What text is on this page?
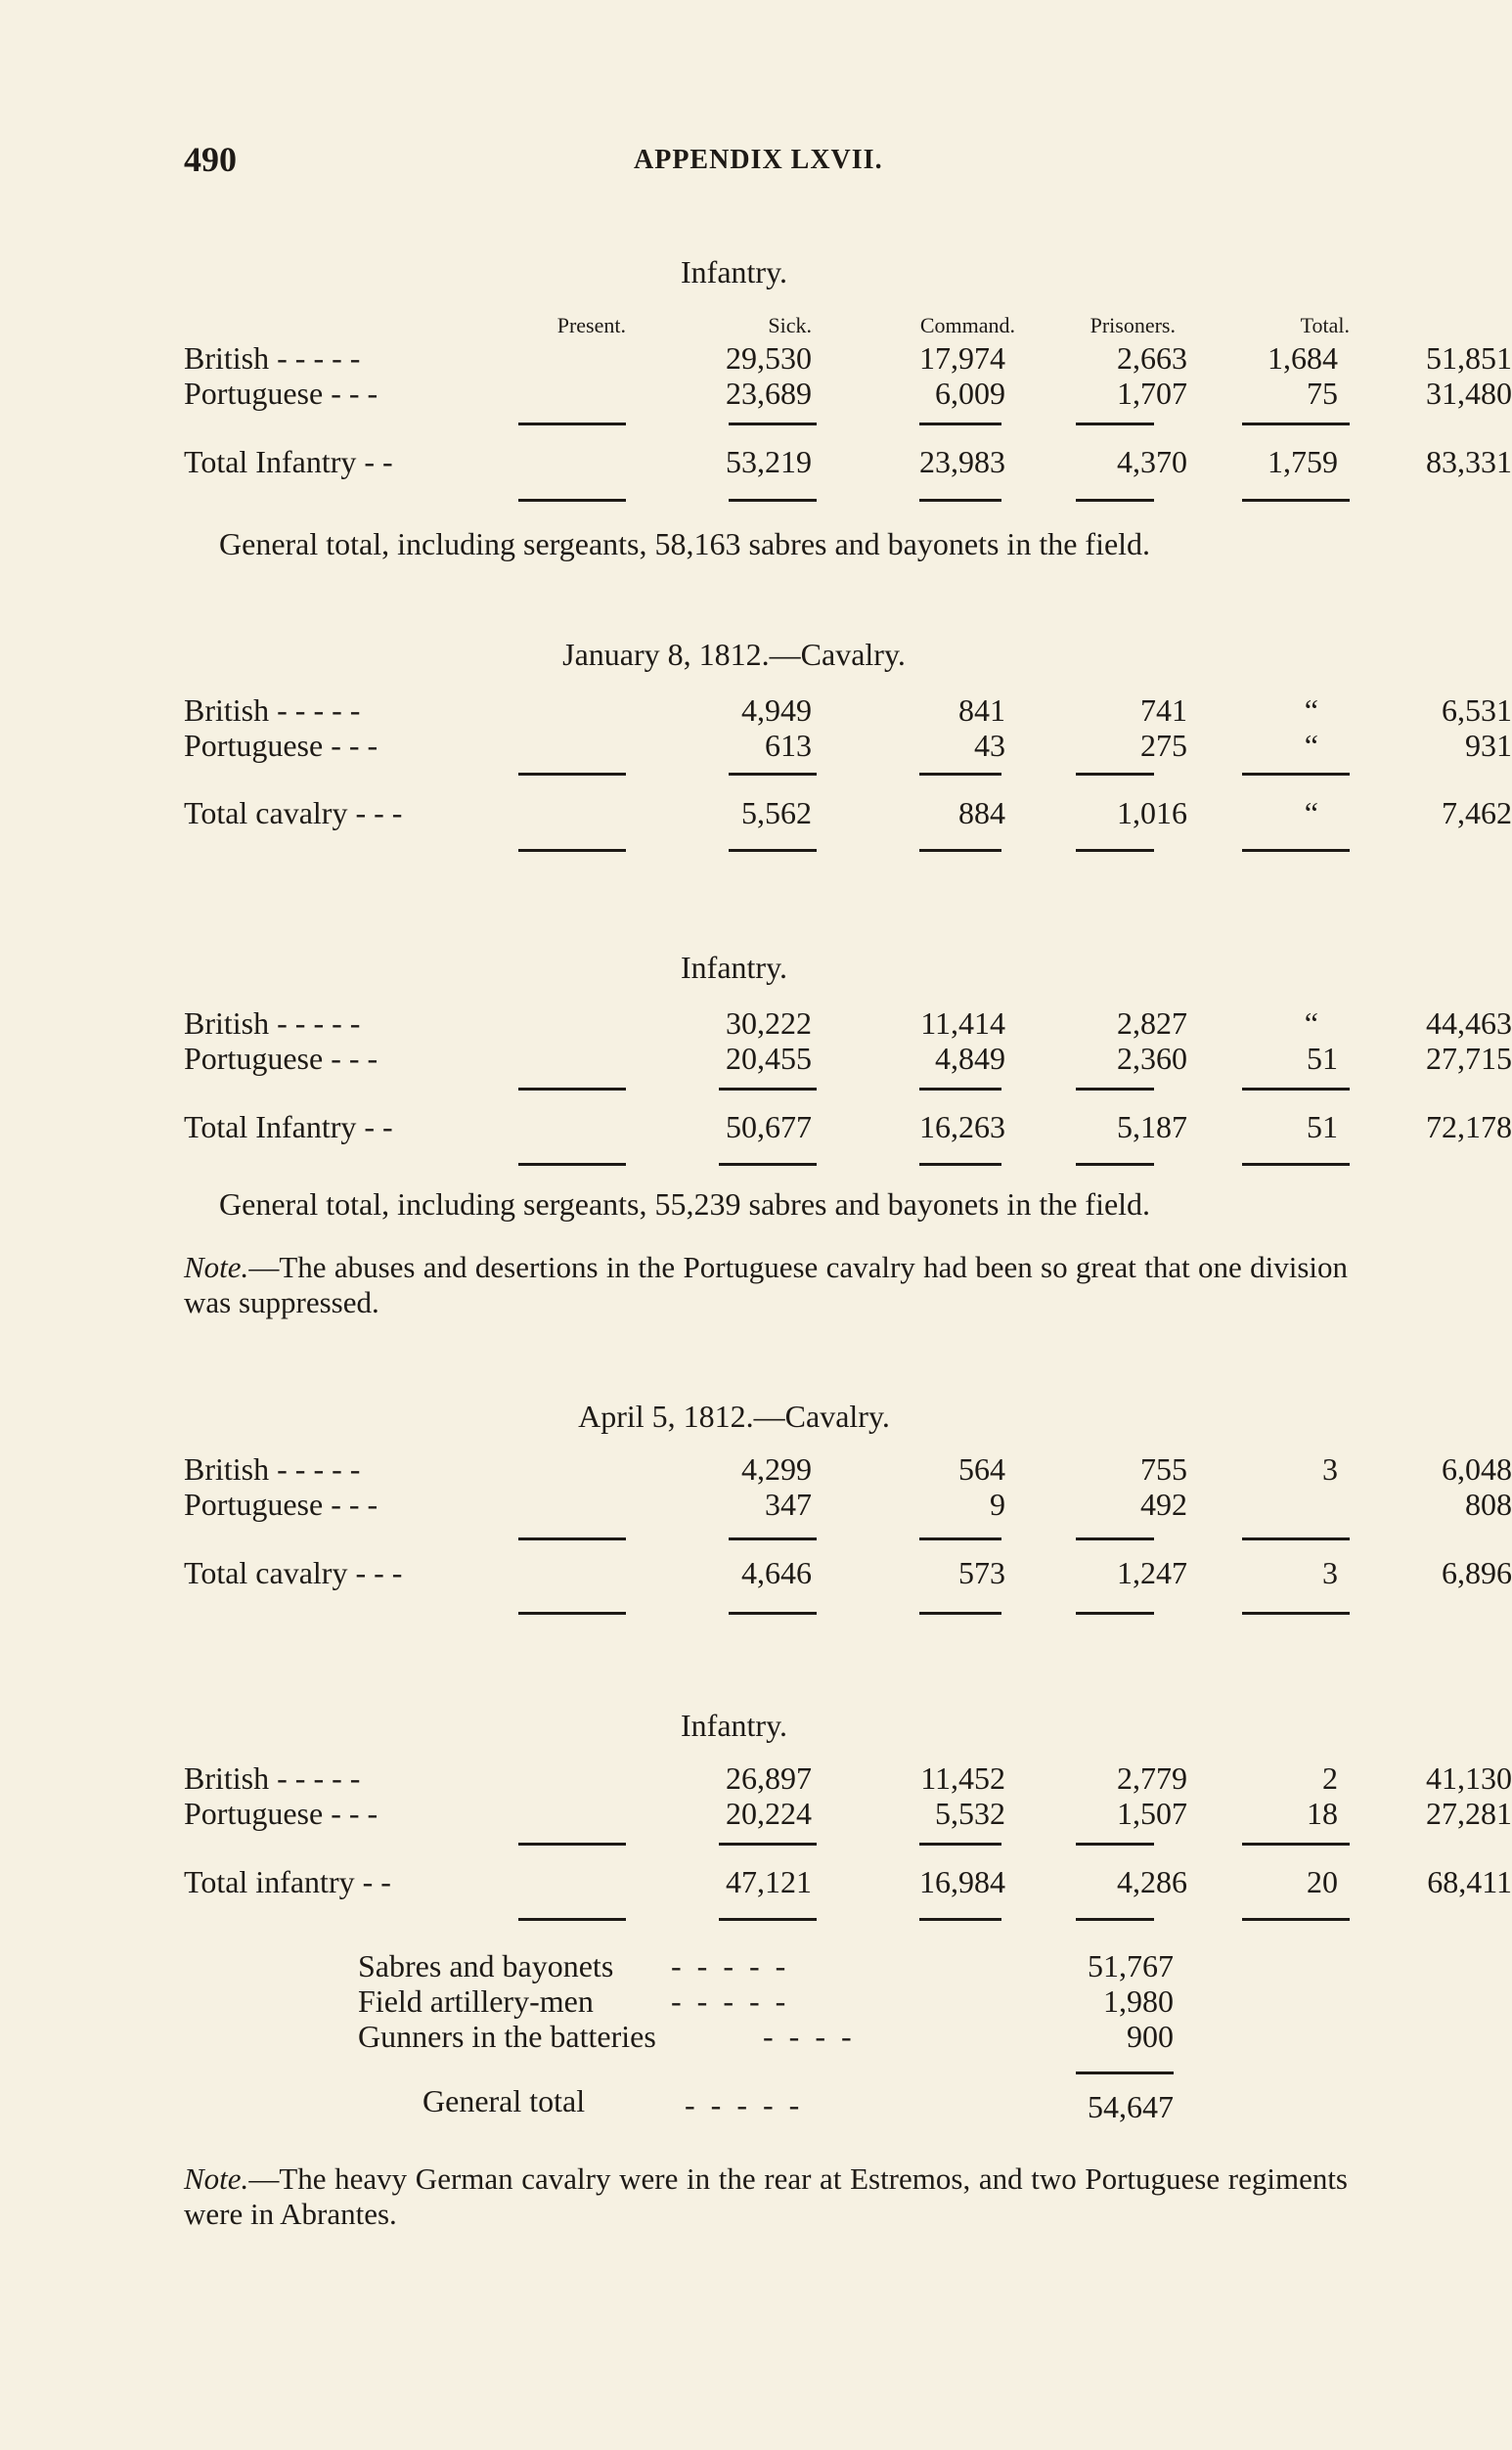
490	APPENDIX LXVII.
Infantry.
Present.	Sick.	Command.	Prisoners.	Total.
British - - - - -	29,530	17,974	2,663	1,684	51,851
Portuguese - - -	23,689	6,009	1,707	75	31,480
Total Infantry - -	53,219	23,983	4,370	1,759	83,331
General total, including sergeants, 58,163 sabres and bayonets in the field.
January 8, 1812.—Cavalry.
British - - - - -	4,949	841	741	“	6,531
Portuguese - - -	613	43	275	“	931
Total cavalry - - -	5,562	884	1,016	“	7,462
Infantry.
British - - - - -	30,222	11,414	2,827	“	44,463
Portuguese - - -	20,455	4,849	2,360	51	27,715
Total Infantry - -	50,677	16,263	5,187	51	72,178
General total, including sergeants, 55,239 sabres and bayonets in the field.
Note.—The abuses and desertions in the Portuguese cavalry had been so great that one division was suppressed.
April 5, 1812.—Cavalry.
British - - - - -	4,299	564	755	3	6,048
Portuguese - - -	347	9	492		808
Total cavalry - - -	4,646	573	1,247	3	6,896
Infantry.
British - - - - -	26,897	11,452	2,779	2	41,130
Portuguese - - -	20,224	5,532	1,507	18	27,281
Total infantry - -	47,121	16,984	4,286	20	68,411
Sabres and bayonets - - - - -	51,767
Field artillery-men - - - - -	1,980
Gunners in the batteries	- - - -	900
General total	- - - - -	54,647
Note.—The heavy German cavalry were in the rear at Estremos, and two Portuguese regiments were in Abrantes.
